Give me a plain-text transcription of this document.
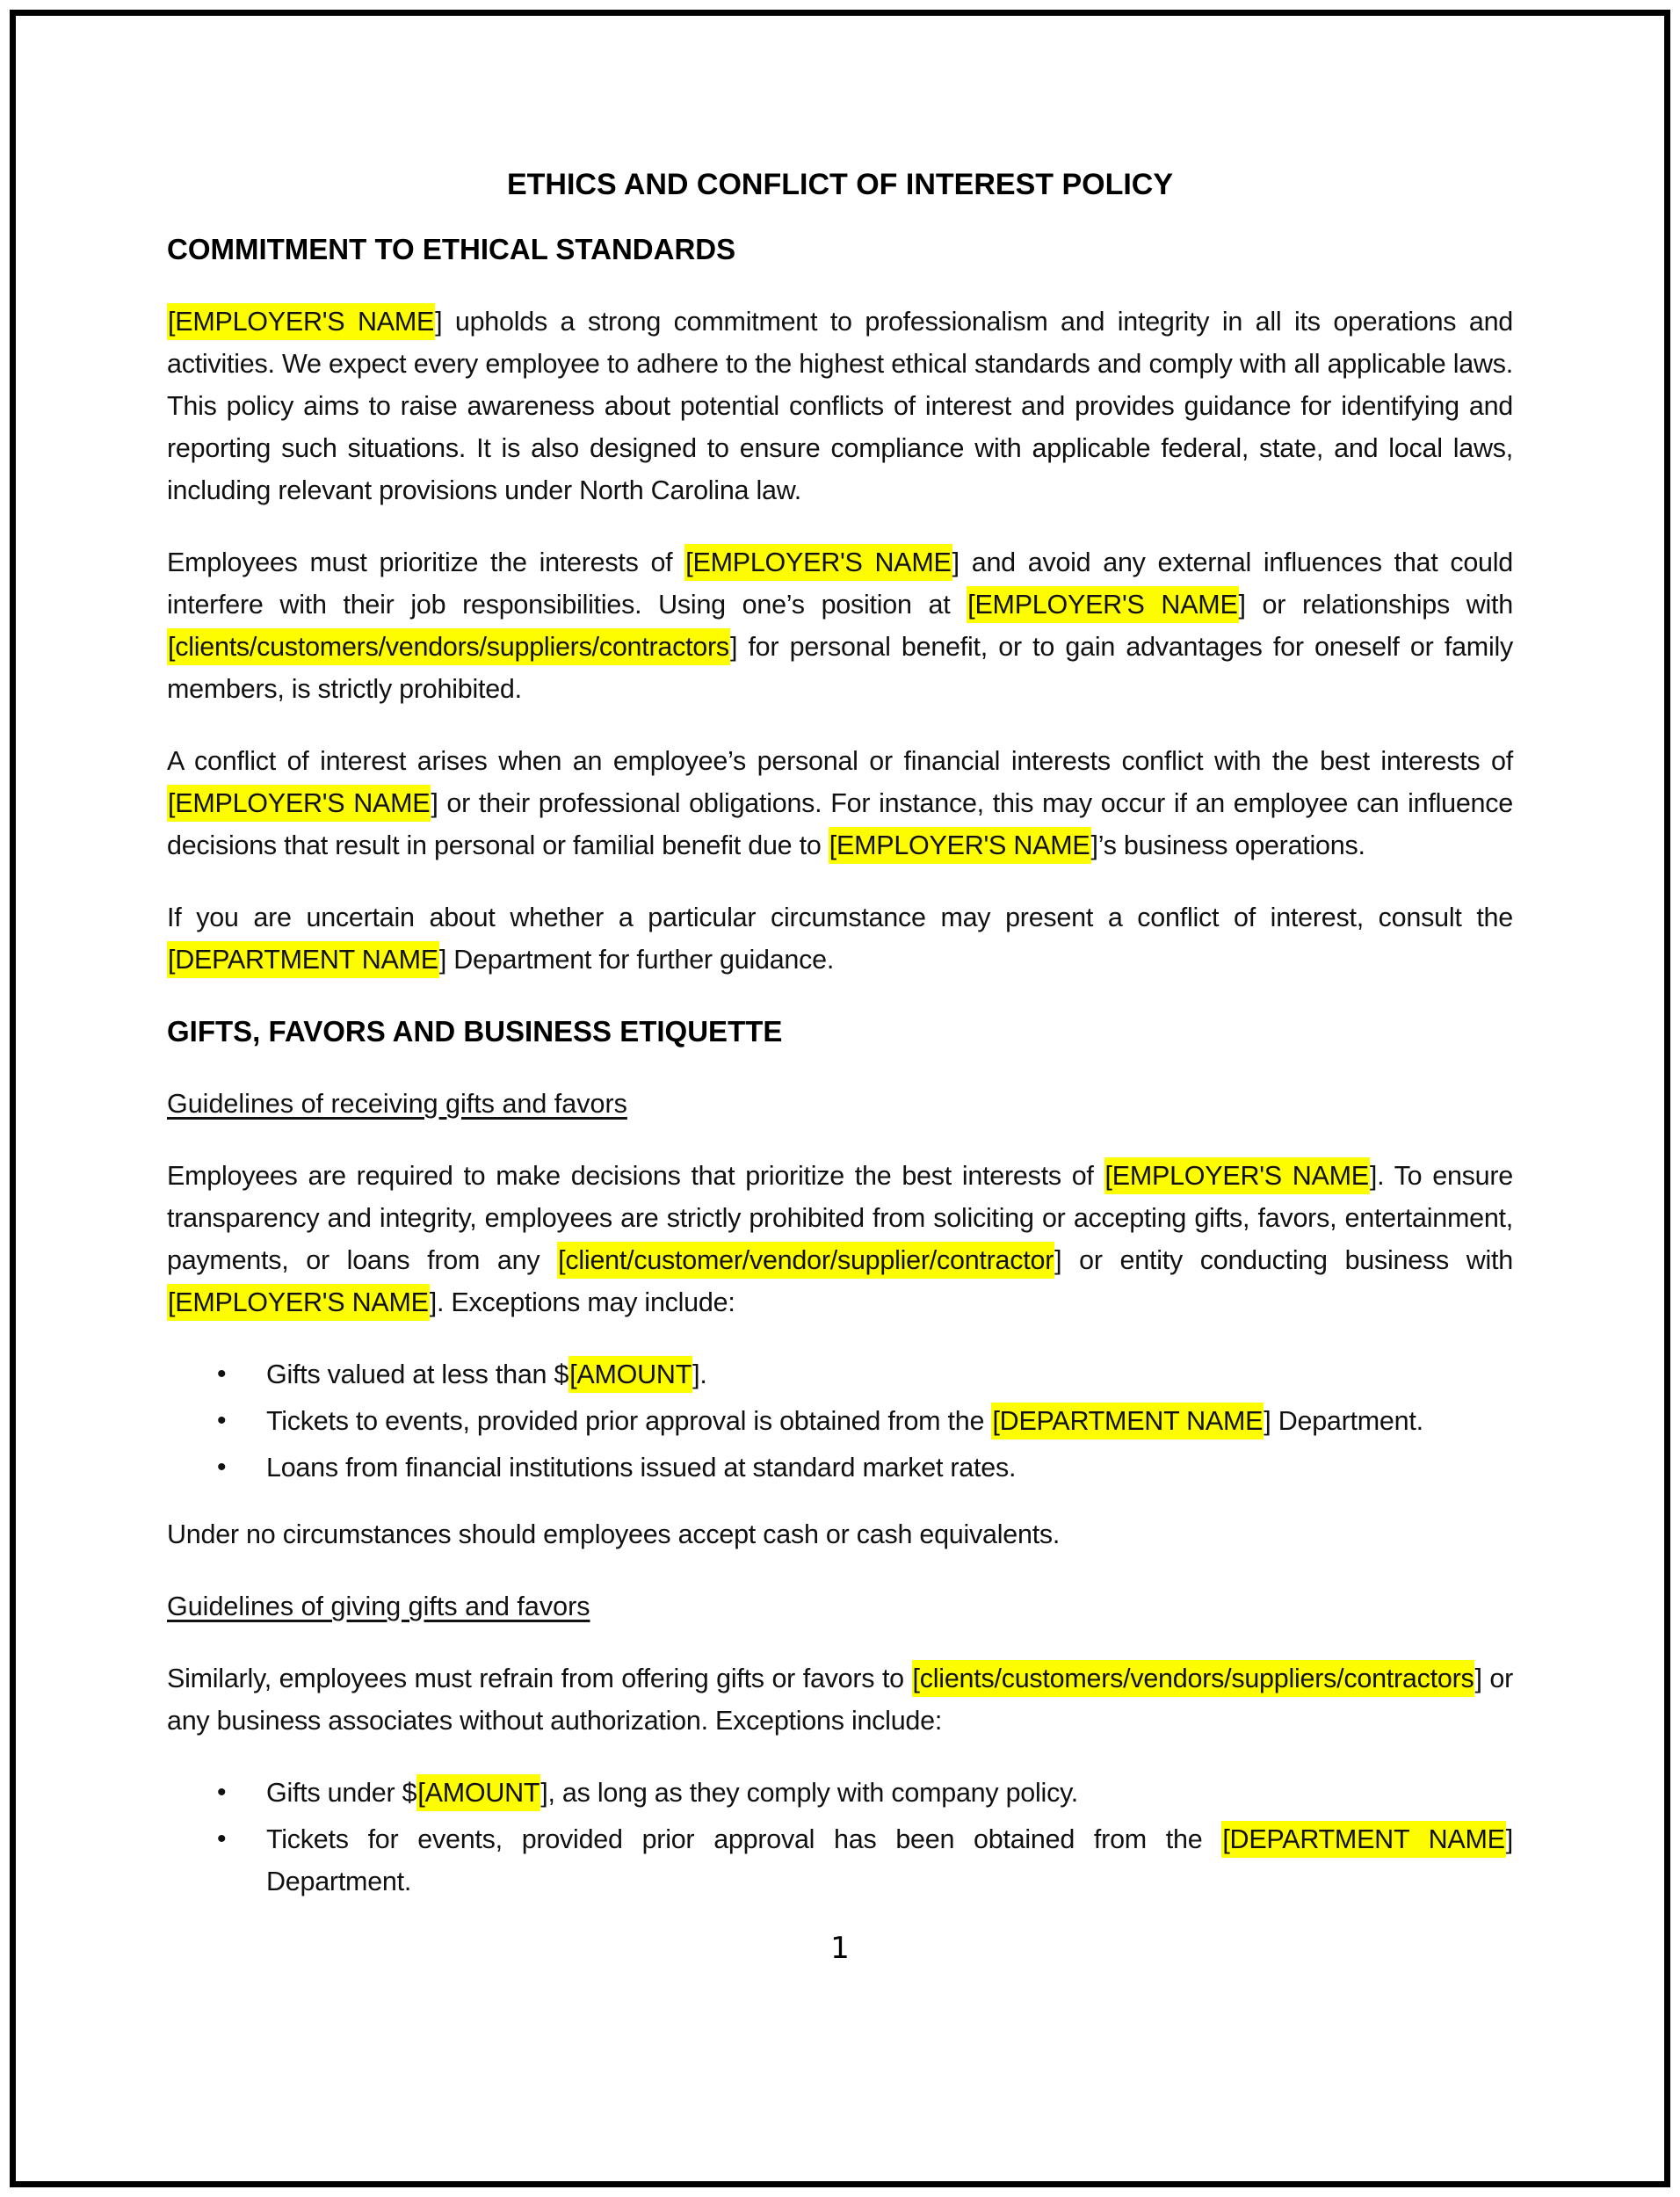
ETHICS AND CONFLICT OF INTEREST POLICY
COMMITMENT TO ETHICAL STANDARDS

[EMPLOYER'S NAME] upholds a strong commitment to professionalism and integrity in all its operations and activities. We expect every employee to adhere to the highest ethical standards and comply with all applicable laws. This policy aims to raise awareness about potential conflicts of interest and provides guidance for identifying and reporting such situations. It is also designed to ensure compliance with applicable federal, state, and local laws, including relevant provisions under North Carolina law.

Employees must prioritize the interests of [EMPLOYER'S NAME] and avoid any external influences that could interfere with their job responsibilities. Using one’s position at [EMPLOYER'S NAME] or relationships with [clients/customers/vendors/suppliers/contractors] for personal benefit, or to gain advantages for oneself or family members, is strictly prohibited.

A conflict of interest arises when an employee’s personal or financial interests conflict with the best interests of [EMPLOYER'S NAME] or their professional obligations. For instance, this may occur if an employee can influence decisions that result in personal or familial benefit due to [EMPLOYER'S NAME]’s business operations.

If you are uncertain about whether a particular circumstance may present a conflict of interest, consult the [DEPARTMENT NAME] Department for further guidance.

GIFTS, FAVORS AND BUSINESS ETIQUETTE
Guidelines of receiving gifts and favors

Employees are required to make decisions that prioritize the best interests of [EMPLOYER'S NAME]. To ensure transparency and integrity, employees are strictly prohibited from soliciting or accepting gifts, favors, entertainment, payments, or loans from any [client/customer/vendor/supplier/contractor] or entity conducting business with [EMPLOYER'S NAME]. Exceptions may include:

•
Gifts valued at less than $[AMOUNT].
•
Tickets to events, provided prior approval is obtained from the [DEPARTMENT NAME] Department.
•
Loans from financial institutions issued at standard market rates.

Under no circumstances should employees accept cash or cash equivalents.

Guidelines of giving gifts and favors

Similarly, employees must refrain from offering gifts or favors to [clients/customers/vendors/suppliers/contractors] or any business associates without authorization. Exceptions include:

•
Gifts under $[AMOUNT], as long as they comply with company policy.
•
Tickets for events, provided prior approval has been obtained from the [DEPARTMENT NAME] Department.
1
